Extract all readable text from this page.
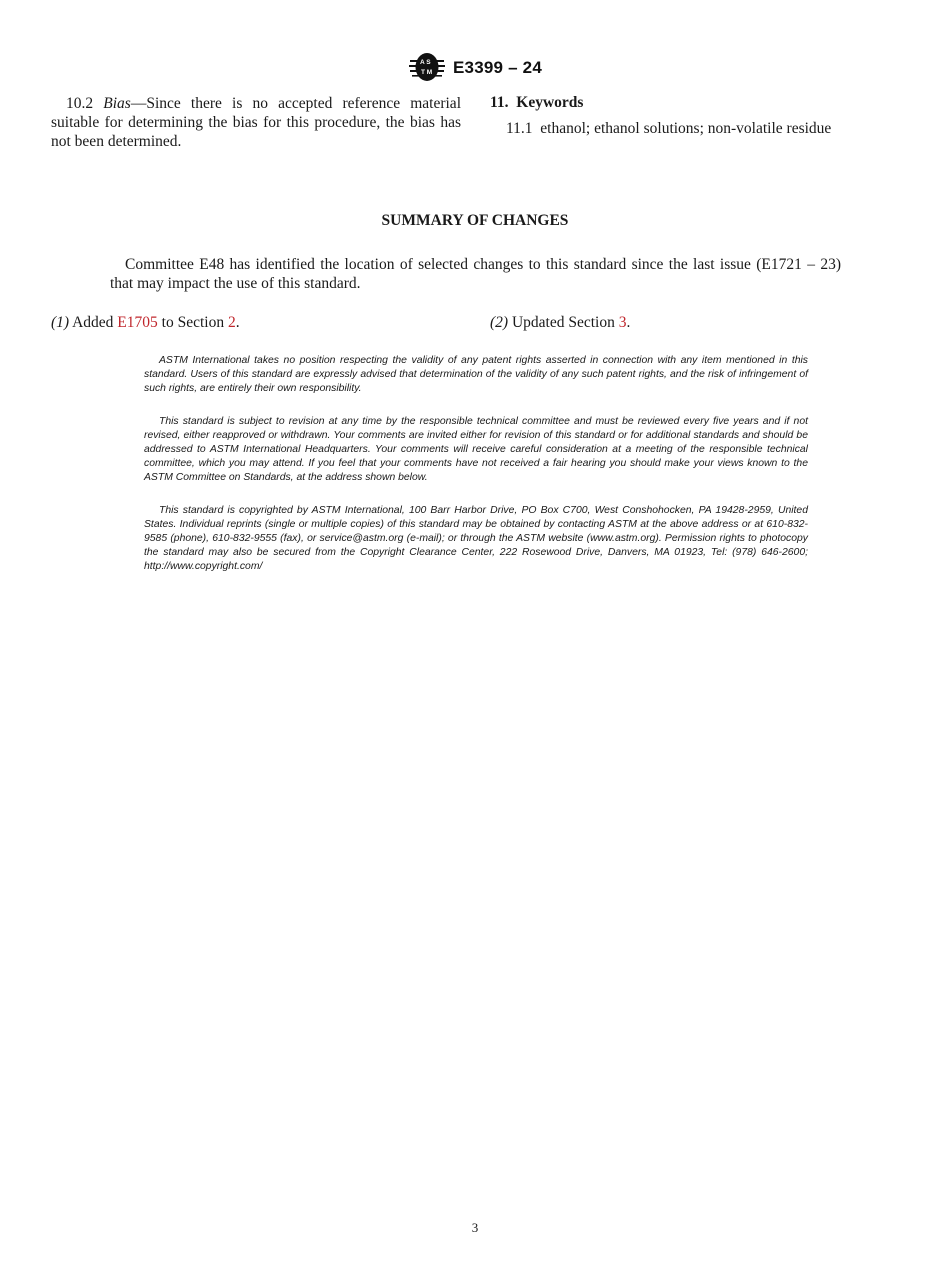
A S
T M E3399 – 24
10.2 Bias—Since there is no accepted reference material suitable for determining the bias for this procedure, the bias has not been determined.
11.  Keywords
11.1  ethanol; ethanol solutions; non-volatile residue
SUMMARY OF CHANGES

Committee E48 has identified the location of selected changes to this standard since the last issue (E1721 – 23) that may impact the use of this standard.

(1) Added E1705 to Section 2.	(2) Updated Section 3.

ASTM International takes no position respecting the validity of any patent rights asserted in connection with any item mentioned in this standard. Users of this standard are expressly advised that determination of the validity of any such patent rights, and the risk of infringement of such rights, are entirely their own responsibility.

This standard is subject to revision at any time by the responsible technical committee and must be reviewed every five years and if not revised, either reapproved or withdrawn. Your comments are invited either for revision of this standard or for additional standards and should be addressed to ASTM International Headquarters. Your comments will receive careful consideration at a meeting of the responsible technical committee, which you may attend. If you feel that your comments have not received a fair hearing you should make your views known to the ASTM Committee on Standards, at the address shown below.

This standard is copyrighted by ASTM International, 100 Barr Harbor Drive, PO Box C700, West Conshohocken, PA 19428-2959, United States. Individual reprints (single or multiple copies) of this standard may be obtained by contacting ASTM at the above address or at 610-832-9585 (phone), 610-832-9555 (fax), or service@astm.org (e-mail); or through the ASTM website (www.astm.org). Permission rights to photocopy the standard may also be secured from the Copyright Clearance Center, 222 Rosewood Drive, Danvers, MA 01923, Tel: (978) 646-2600; http://www.copyright.com/

3
